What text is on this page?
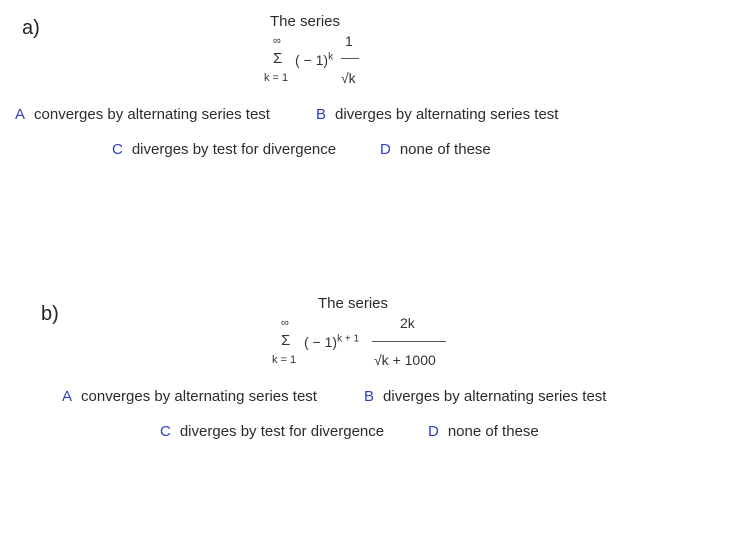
a)	The series
∞
Σ
k = 1
( − 1)$^k$
1
√k
A converges by alternating series test	B diverges by alternating series test
C diverges by test for divergence	D none of these
b)	The series
∞
Σ
k = 1
( − 1)$^{k + 1}$
2k
√k + 1000
A converges by alternating series test	B diverges by alternating series test
C diverges by test for divergence	D none of these
